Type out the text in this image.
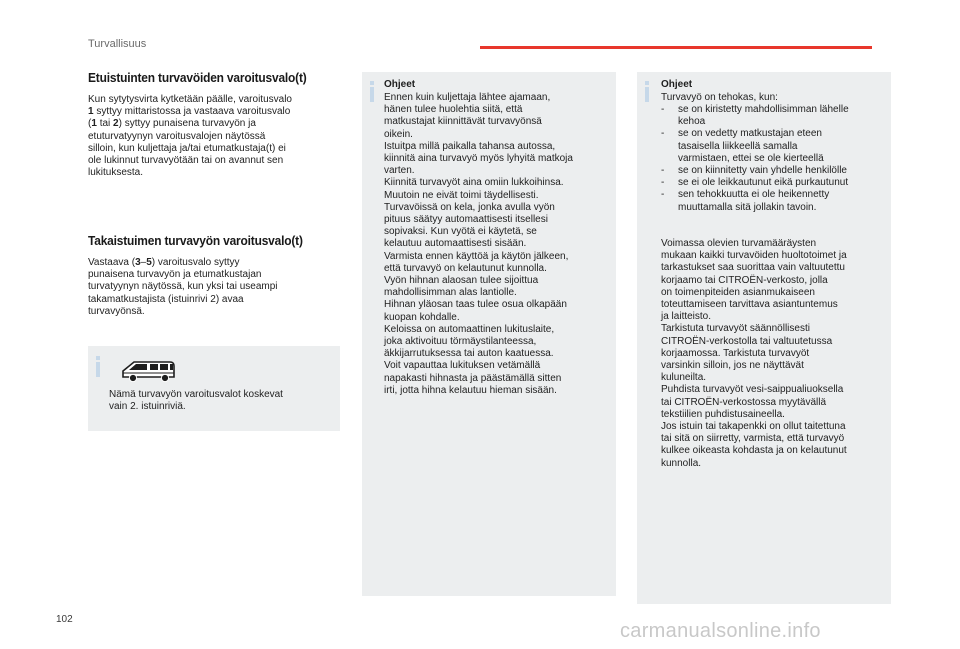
Turvallisuus
Etuistuinten turvavöiden varoitusvalo(t)
Kun sytytysvirta kytketään päälle, varoitusvalo
1 syttyy mittaristossa ja vastaava varoitusvalo
(1 tai 2) syttyy punaisena turvavyön ja
etuturvatyynyn varoitusvalojen näytössä
silloin, kun kuljettaja ja/tai etumatkustaja(t) ei
ole lukinnut turvavyötään tai on avannut sen
lukituksesta.
Takaistuimen turvavyön varoitusvalo(t)
Vastaava (3–5) varoitusvalo syttyy
punaisena turvavyön ja etumatkustajan
turvatyynyn näytössä, kun yksi tai useampi
takamatkustajista (istuinrivi 2) avaa
turvavyönsä.
Nämä turvavyön varoitusvalot koskevat
vain 2. istuinriviä.
Ohjeet
Ennen kuin kuljettaja lähtee ajamaan,
hänen tulee huolehtia siitä, että
matkustajat kiinnittävät turvavyönsä
oikein.
Istuitpa millä paikalla tahansa autossa,
kiinnitä aina turvavyö myös lyhyitä matkoja
varten.
Kiinnitä turvavyöt aina omiin lukkoihinsa.
Muutoin ne eivät toimi täydellisesti.
Turvavöissä on kela, jonka avulla vyön
pituus säätyy automaattisesti itsellesi
sopivaksi. Kun vyötä ei käytetä, se
kelautuu automaattisesti sisään.
Varmista ennen käyttöä ja käytön jälkeen,
että turvavyö on kelautunut kunnolla.
Vyön hihnan alaosan tulee sijoittua
mahdollisimman alas lantiolle.
Hihnan yläosan taas tulee osua olkapään
kuopan kohdalle.
Keloissa on automaattinen lukituslaite,
joka aktivoituu törmäystilanteessa,
äkkijarrutuksessa tai auton kaatuessa.
Voit vapauttaa lukituksen vetämällä
napakasti hihnasta ja päästämällä sitten
irti, jotta hihna kelautuu hieman sisään.
Ohjeet
Turvavyö on tehokas, kun:
- se on kiristetty mahdollisimman lähelle
kehoa
- se on vedetty matkustajan eteen
tasaisella liikkeellä samalla
varmistaen, ettei se ole kierteellä
- se on kiinnitetty vain yhdelle henkilölle
- se ei ole leikkautunut eikä purkautunut
- sen tehokkuutta ei ole heikennetty
muuttamalla sitä jollakin tavoin.
Voimassa olevien turvamääräysten
mukaan kaikki turvavöiden huoltotoimet ja
tarkastukset saa suorittaa vain valtuutettu
korjaamo tai CITROËN-verkosto, jolla
on toimenpiteiden asianmukaiseen
toteuttamiseen tarvittava asiantuntemus
ja laitteisto.
Tarkistuta turvavyöt säännöllisesti
CITROËN-verkostolla tai valtuutetussa
korjaamossa. Tarkistuta turvavyöt
varsinkin silloin, jos ne näyttävät
kuluneilta.
Puhdista turvavyöt vesi-saippualiuoksella
tai CITROËN-verkostossa myytävällä
tekstiilien puhdistusaineella.
Jos istuin tai takapenkki on ollut taitettuna
tai sitä on siirretty, varmista, että turvavyö
kulkee oikeasta kohdasta ja on kelautunut
kunnolla.
102
carmanualsonline.info
